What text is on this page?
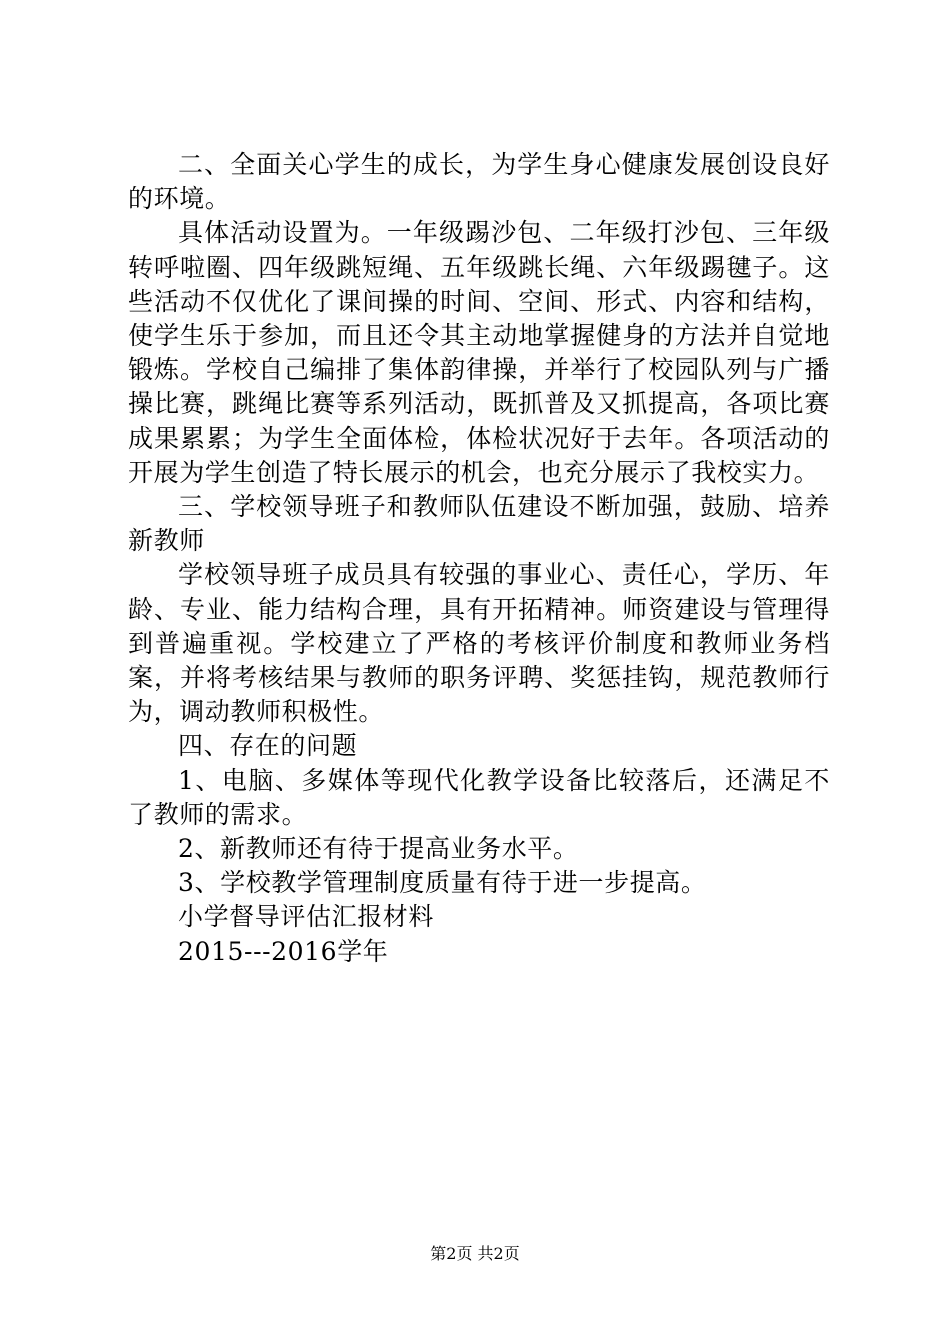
二、全面关心学生的成长，为学生身心健康发展创设良好的环境。

具体活动设置为。一年级踢沙包、二年级打沙包、三年级转呼啦圈、四年级跳短绳、五年级跳长绳、六年级踢毽子。这些活动不仅优化了课间操的时间、空间、形式、内容和结构，使学生乐于参加，而且还令其主动地掌握健身的方法并自觉地锻炼。学校自己编排了集体韵律操，并举行了校园队列与广播操比赛，跳绳比赛等系列活动，既抓普及又抓提高，各项比赛成果累累；为学生全面体检，体检状况好于去年。各项活动的开展为学生创造了特长展示的机会，也充分展示了我校实力。

三、学校领导班子和教师队伍建设不断加强，鼓励、培养新教师

学校领导班子成员具有较强的事业心、责任心，学历、年龄、专业、能力结构合理，具有开拓精神。师资建设与管理得到普遍重视。学校建立了严格的考核评价制度和教师业务档案，并将考核结果与教师的职务评聘、奖惩挂钩，规范教师行为，调动教师积极性。

四、存在的问题

1、电脑、多媒体等现代化教学设备比较落后，还满足不了教师的需求。

2、新教师还有待于提高业务水平。

3、学校教学管理制度质量有待于进一步提高。

小学督导评估汇报材料

2015---2016学年

第2页 共2页
